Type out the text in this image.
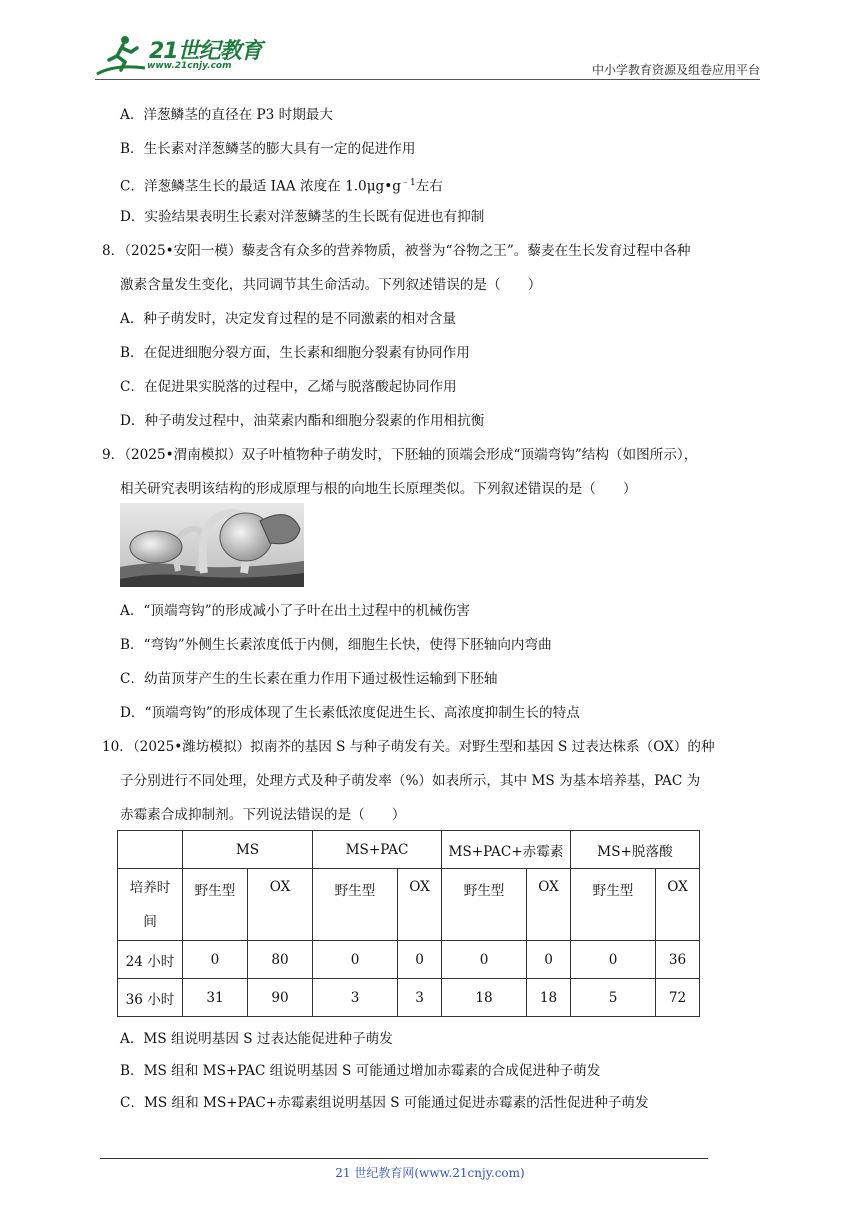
21世纪教育
www.21cnjy.com	中小学教育资源及组卷应用平台
A．洋葱鳞茎的直径在 P3 时期最大
B．生长素对洋葱鳞茎的膨大具有一定的促进作用
C．洋葱鳞茎生长的最适 IAA 浓度在 $1.0\mu g•g^{﹣1}$左右
D．实验结果表明生长素对洋葱鳞茎的生长既有促进也有抑制
8．（2025•安阳一模）藜麦含有众多的营养物质，被誉为“谷物之王”。藜麦在生长发育过程中各种
激素含量发生变化，共同调节其生命活动。下列叙述错误的是（　　）
A．种子萌发时，决定发育过程的是不同激素的相对含量
B．在促进细胞分裂方面，生长素和细胞分裂素有协同作用
C．在促进果实脱落的过程中，乙烯与脱落酸起协同作用
D．种子萌发过程中，油菜素内酯和细胞分裂素的作用相抗衡
9．（2025•渭南模拟）双子叶植物种子萌发时，下胚轴的顶端会形成“顶端弯钩”结构（如图所示），
相关研究表明该结构的形成原理与根的向地生长原理类似。下列叙述错误的是（　　）
A．“顶端弯钩”的形成减小了子叶在出土过程中的机械伤害
B．“弯钩”外侧生长素浓度低于内侧，细胞生长快，使得下胚轴向内弯曲
C．幼苗顶芽产生的生长素在重力作用下通过极性运输到下胚轴
D．“顶端弯钩”的形成体现了生长素低浓度促进生长、高浓度抑制生长的特点
10．（2025•潍坊模拟）拟南芥的基因 S 与种子萌发有关。对野生型和基因 S 过表达株系（OX）的种
子分别进行不同处理，处理方式及种子萌发率（%）如表所示，其中 MS 为基本培养基，PAC 为
赤霉素合成抑制剂。下列说法错误的是（　　）
	MS		MS+PAC		MS+PAC+赤霉素		MS+脱落酸	
培养时
间	野生型	OX	野生型	OX	野生型	OX	野生型	OX
24 小时	0	80	0	0	0	0	0	36
36 小时	31	90	3	3	18	18	5	72
A．MS 组说明基因 S 过表达能促进种子萌发
B．MS 组和 MS+PAC 组说明基因 S 可能通过增加赤霉素的合成促进种子萌发
C．MS 组和 MS+PAC+赤霉素组说明基因 S 可能通过促进赤霉素的活性促进种子萌发
21 世纪教育网(www.21cnjy.com)
